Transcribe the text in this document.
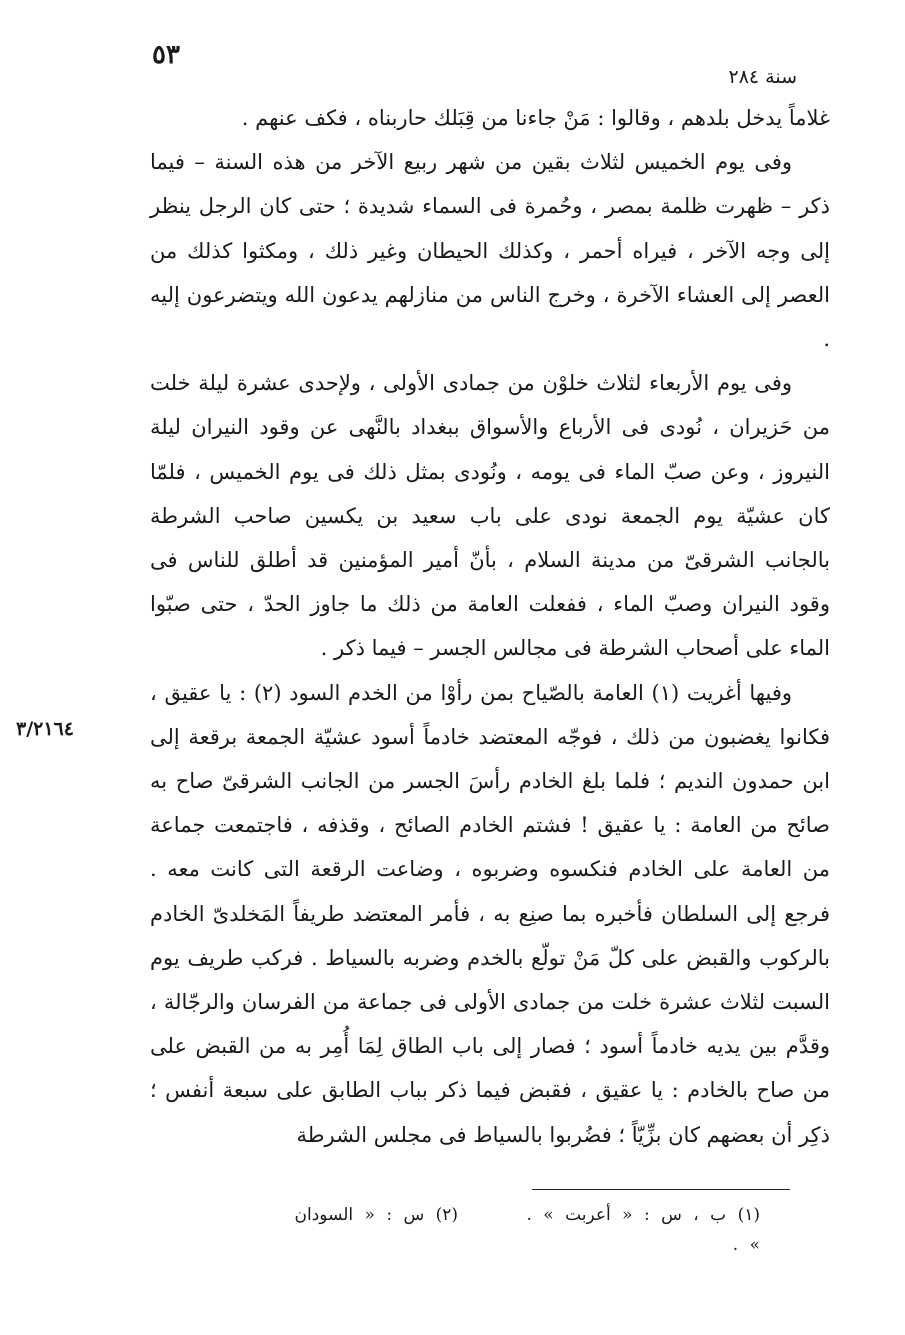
٥٣
سنة ٢٨٤

غلاماً يدخل بلدهم ، وقالوا : مَنْ جاءنا من قِبَلك حاربناه ، فكف عنهم .

وفى يوم الخميس لثلاث بقين من شهر ربيع الآخر من هذه السنة – فيما ذكر – ظهرت ظلمة بمصر ، وحُمرة فى السماء شديدة ؛ حتى كان الرجل ينظر إلى وجه الآخر ، فيراه أحمر ، وكذلك الحيطان وغير ذلك ، ومكثوا كذلك من العصر إلى العشاء الآخرة ، وخرج الناس من منازلهم يدعون الله ويتضرعون إليه .

وفى يوم الأربعاء لثلاث خلوْن من جمادى الأولى ، ولإحدى عشرة ليلة خلت من حَزيران ، نُودى فى الأرباع والأسواق ببغداد بالنَّهى عن وقود النيران ليلة النيروز ، وعن صبّ الماء فى يومه ، ونُودى بمثل ذلك فى يوم الخميس ، فلمّا كان عشيّة يوم الجمعة نودى على باب سعيد بن يكسين صاحب الشرطة بالجانب الشرقىّ من مدينة السلام ، بأنّ أمير المؤمنين قد أطلق للناس فى وقود النيران وصبّ الماء ، ففعلت العامة من ذلك ما جاوز الحدّ ، حتى صبّوا الماء على أصحاب الشرطة فى مجالس الجسر – فيما ذكر .

وفيها أغريت (١) العامة بالصّياح بمن رأوْا من الخدم السود (٢) : يا عقيق ، فكانوا يغضبون من ذلك ، فوجّه المعتضد خادماً أسود عشيّة الجمعة برقعة إلى ابن حمدون النديم ؛ فلما بلغ الخادم رأسَ الجسر من الجانب الشرقىّ صاح به صائح من العامة : يا عقيق ! فشتم الخادم الصائح ، وقذفه ، فاجتمعت جماعة من العامة على الخادم فنكسوه وضربوه ، وضاعت الرقعة التى كانت معه . فرجع إلى السلطان فأخبره بما صنِع به ، فأمر المعتضد طريفاً المَخلدىّ الخادم بالركوب والقبض على كلّ مَنْ تولّع بالخدم وضربه بالسياط . فركب طريف يوم السبت لثلاث عشرة خلت من جمادى الأولى فى جماعة من الفرسان والرجّالة ، وقدَّم بين يديه خادماً أسود ؛ فصار إلى باب الطاق لِمَا أُمِر به من القبض على من صاح بالخادم : يا عقيق ، فقبض فيما ذكر بباب الطابق على سبعة أنفس ؛ ذكِر أن بعضهم كان بزِّيّاً ؛ فضُربوا بالسياط فى مجلس الشرطة

٣/٢١٦٤
(١) ب ، س : « أعربت » .      (٢) س : « السودان » .
